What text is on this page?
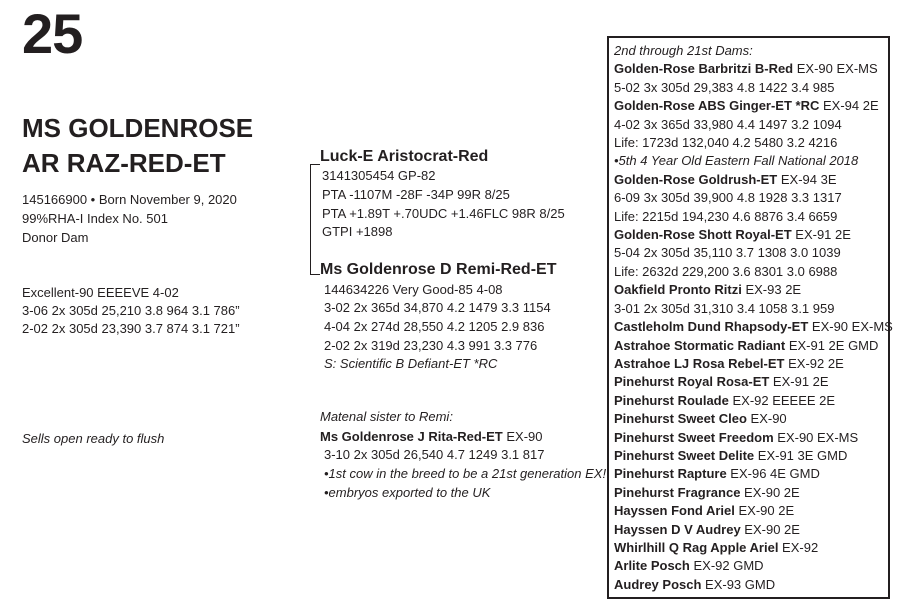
25
MS GOLDENROSE
AR RAZ-RED-ET
145166900 • Born November 9, 2020
99%RHA-I Index No. 501
Donor Dam
Excellent-90 EEEEVE 4-02
3-06 2x 305d 25,210 3.8 964 3.1 786”
2-02 2x 305d 23,390 3.7 874 3.1 721”
Sells open ready to flush
Luck-E Aristocrat-Red
3141305454 GP-82
PTA -1107M -28F -34P 99R 8/25
PTA +1.89T +.70UDC +1.46FLC 98R 8/25
GTPI +1898
Ms Goldenrose D Remi-Red-ET
144634226 Very Good-85 4-08
3-02 2x 365d 34,870 4.2 1479 3.3 1154
4-04 2x 274d 28,550 4.2 1205 2.9 836
2-02 2x 319d 23,230 4.3 991 3.3 776
S: Scientific B Defiant-ET *RC
Matenal sister to Remi:
Ms Goldenrose J Rita-Red-ET EX-90
3-10 2x 305d 26,540 4.7 1249 3.1 817
•1st cow in the breed to be a 21st generation EX!
•embryos exported to the UK
2nd through 21st Dams:
Golden-Rose Barbritzi B-Red EX-90 EX-MS
5-02 3x 305d 29,383 4.8 1422 3.4 985
Golden-Rose ABS Ginger-ET *RC EX-94 2E
4-02 3x 365d 33,980 4.4 1497 3.2 1094
Life: 1723d 132,040 4.2 5480 3.2 4216
•5th 4 Year Old Eastern Fall National 2018
Golden-Rose Goldrush-ET EX-94 3E
6-09 3x 305d 39,900 4.8 1928 3.3 1317
Life: 2215d 194,230 4.6 8876 3.4 6659
Golden-Rose Shott Royal-ET EX-91 2E
5-04 2x 305d 35,110 3.7 1308 3.0 1039
Life: 2632d 229,200 3.6 8301 3.0 6988
Oakfield Pronto Ritzi EX-93 2E
3-01 2x 305d 31,310 3.4 1058 3.1 959
Castleholm Dund Rhapsody-ET EX-90 EX-MS
Astrahoe Stormatic Radiant EX-91 2E GMD
Astrahoe LJ Rosa Rebel-ET EX-92 2E
Pinehurst Royal Rosa-ET EX-91 2E
Pinehurst Roulade EX-92 EEEEE 2E
Pinehurst Sweet Cleo EX-90
Pinehurst Sweet Freedom EX-90 EX-MS
Pinehurst Sweet Delite EX-91 3E GMD
Pinehurst Rapture EX-96 4E GMD
Pinehurst Fragrance EX-90 2E
Hayssen Fond Ariel EX-90 2E
Hayssen D V Audrey EX-90 2E
Whirlhill Q Rag Apple Ariel EX-92
Arlite Posch EX-92 GMD
Audrey Posch EX-93 GMD
